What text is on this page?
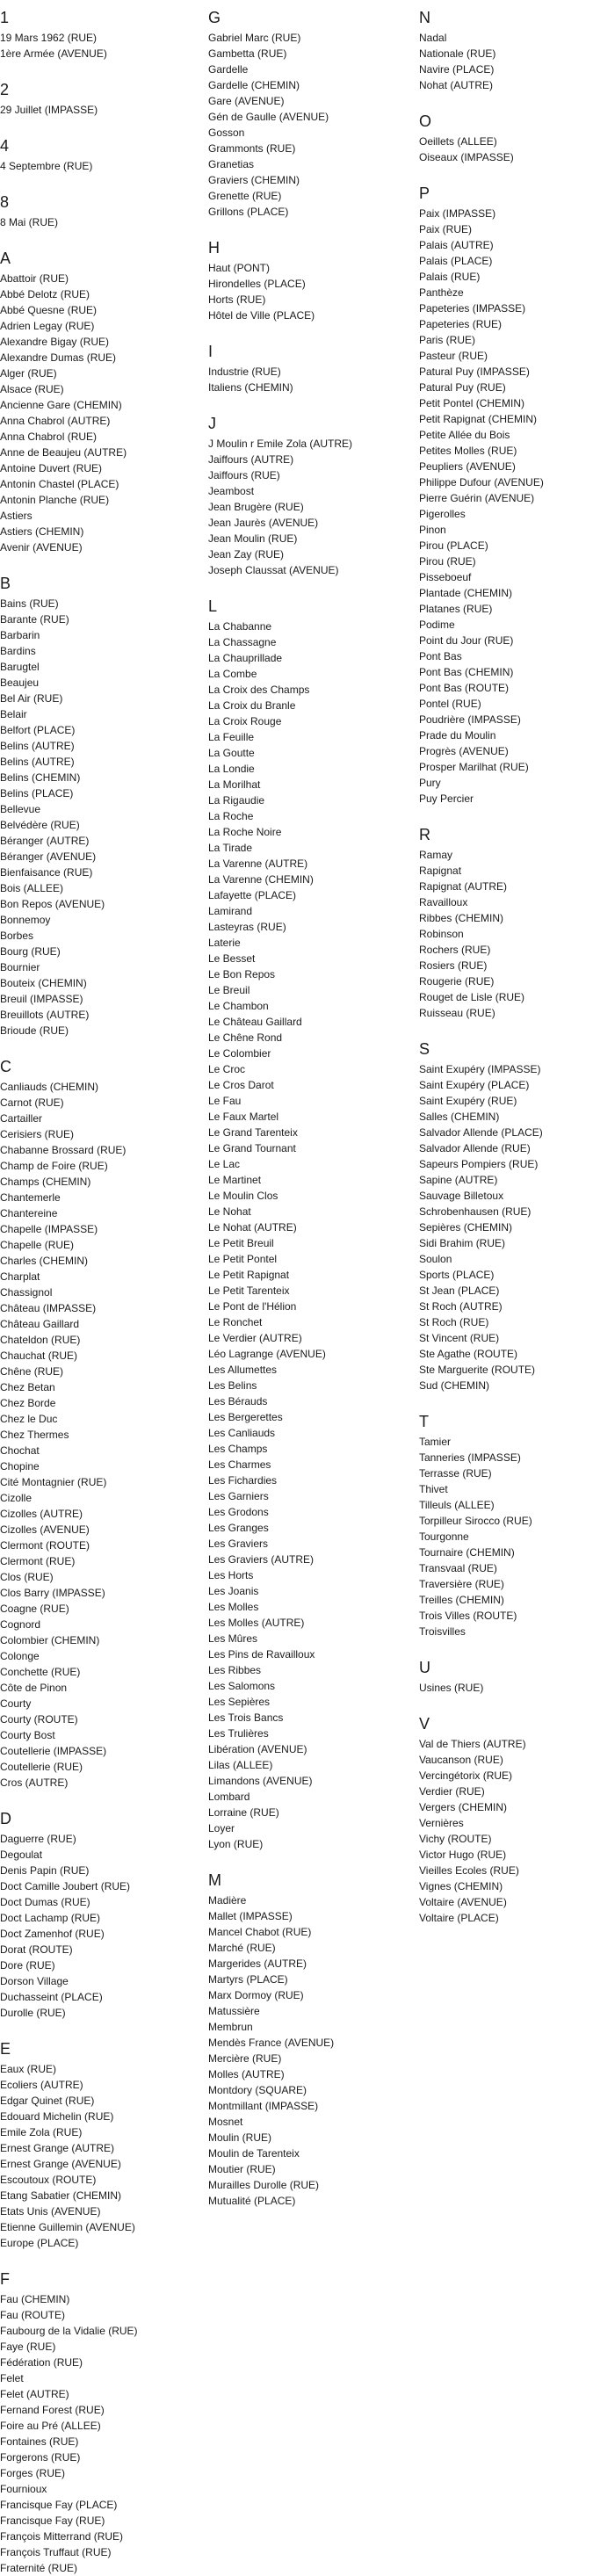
1
19 Mars 1962 (RUE)
1ère Armée (AVENUE)
2
29 Juillet (IMPASSE)
4
4 Septembre (RUE)
8
8 Mai (RUE)
A
Abattoir (RUE)
Abbé Delotz (RUE)
Abbé Quesne (RUE)
Adrien Legay (RUE)
Alexandre Bigay (RUE)
Alexandre Dumas (RUE)
Alger (RUE)
Alsace (RUE)
Ancienne Gare (CHEMIN)
Anna Chabrol (AUTRE)
Anna Chabrol (RUE)
Anne de Beaujeu (AUTRE)
Antoine Duvert (RUE)
Antonin Chastel (PLACE)
Antonin Planche (RUE)
Astiers
Astiers (CHEMIN)
Avenir (AVENUE)
B
Bains (RUE)
Barante (RUE)
Barbarin
Bardins
Barugtel
Beaujeu
Bel Air (RUE)
Belair
Belfort (PLACE)
Belins (AUTRE)
Belins (AUTRE)
Belins (CHEMIN)
Belins (PLACE)
Bellevue
Belvédère (RUE)
Béranger (AUTRE)
Béranger (AVENUE)
Bienfaisance (RUE)
Bois (ALLEE)
Bon Repos (AVENUE)
Bonnemoy
Borbes
Bourg (RUE)
Bournier
Bouteix (CHEMIN)
Breuil (IMPASSE)
Breuillots (AUTRE)
Brioude (RUE)
C
Canliauds (CHEMIN)
Carnot (RUE)
Cartailler
Cerisiers (RUE)
Chabanne Brossard (RUE)
Champ de Foire (RUE)
Champs (CHEMIN)
Chantemerle
Chantereine
Chapelle (IMPASSE)
Chapelle (RUE)
Charles (CHEMIN)
Charplat
Chassignol
Château (IMPASSE)
Château Gaillard
Chateldon (RUE)
Chauchat (RUE)
Chêne (RUE)
Chez Betan
Chez Borde
Chez le Duc
Chez Thermes
Chochat
Chopine
Cité Montagnier (RUE)
Cizolle
Cizolles (AUTRE)
Cizolles (AVENUE)
Clermont (ROUTE)
Clermont (RUE)
Clos (RUE)
Clos Barry (IMPASSE)
Coagne (RUE)
Cognord
Colombier (CHEMIN)
Colonge
Conchette (RUE)
Côte de Pinon
Courty
Courty (ROUTE)
Courty Bost
Coutellerie (IMPASSE)
Coutellerie (RUE)
Cros (AUTRE)
D
Daguerre (RUE)
Degoulat
Denis Papin (RUE)
Doct Camille Joubert (RUE)
Doct Dumas (RUE)
Doct Lachamp (RUE)
Doct Zamenhof (RUE)
Dorat (ROUTE)
Dore (RUE)
Dorson Village
Duchasseint (PLACE)
Durolle (RUE)
E
Eaux (RUE)
Ecoliers (AUTRE)
Edgar Quinet (RUE)
Edouard Michelin (RUE)
Emile Zola (RUE)
Ernest Grange (AUTRE)
Ernest Grange (AVENUE)
Escoutoux (ROUTE)
Etang Sabatier (CHEMIN)
Etats Unis (AVENUE)
Etienne Guillemin (AVENUE)
Europe (PLACE)
F
Fau (CHEMIN)
Fau (ROUTE)
Faubourg de la Vidalie (RUE)
Faye (RUE)
Fédération (RUE)
Felet
Felet (AUTRE)
Fernand Forest (RUE)
Foire au Pré (ALLEE)
Fontaines (RUE)
Forgerons (RUE)
Forges (RUE)
Fournioux
Francisque Fay (PLACE)
Francisque Fay (RUE)
François Mitterrand (RUE)
François Truffaut (RUE)
Fraternité (RUE)
G
Gabriel Marc (RUE)
Gambetta (RUE)
Gardelle
Gardelle (CHEMIN)
Gare (AVENUE)
Gén de Gaulle (AVENUE)
Gosson
Grammonts (RUE)
Granetias
Graviers (CHEMIN)
Grenette (RUE)
Grillons (PLACE)
H
Haut (PONT)
Hirondelles (PLACE)
Horts (RUE)
Hôtel de Ville (PLACE)
I
Industrie (RUE)
Italiens (CHEMIN)
J
J Moulin r Emile Zola (AUTRE)
Jaiffours (AUTRE)
Jaiffours (RUE)
Jeambost
Jean Brugère (RUE)
Jean Jaurès (AVENUE)
Jean Moulin (RUE)
Jean Zay (RUE)
Joseph Claussat (AVENUE)
L
La Chabanne
La Chassagne
La Chauprillade
La Combe
La Croix des Champs
La Croix du Branle
La Croix Rouge
La Feuille
La Goutte
La Londie
La Morilhat
La Rigaudie
La Roche
La Roche Noire
La Tirade
La Varenne (AUTRE)
La Varenne (CHEMIN)
Lafayette (PLACE)
Lamirand
Lasteyras (RUE)
Laterie
Le Besset
Le Bon Repos
Le Breuil
Le Chambon
Le Château Gaillard
Le Chêne Rond
Le Colombier
Le Croc
Le Cros Darot
Le Fau
Le Faux Martel
Le Grand Tarenteix
Le Grand Tournant
Le Lac
Le Martinet
Le Moulin Clos
Le Nohat
Le Nohat (AUTRE)
Le Petit Breuil
Le Petit Pontel
Le Petit Rapignat
Le Petit Tarenteix
Le Pont de l'Hélion
Le Ronchet
Le Verdier (AUTRE)
Léo Lagrange (AVENUE)
Les Allumettes
Les Belins
Les Bérauds
Les Bergerettes
Les Canliauds
Les Champs
Les Charmes
Les Fichardies
Les Garniers
Les Grodons
Les Granges
Les Graviers
Les Graviers (AUTRE)
Les Horts
Les Joanis
Les Molles
Les Molles (AUTRE)
Les Mûres
Les Pins de Ravailloux
Les Ribbes
Les Salomons
Les Sepières
Les Trois Bancs
Les Trulières
Libération (AVENUE)
Lilas (ALLEE)
Limandons (AVENUE)
Lombard
Lorraine (RUE)
Loyer
Lyon (RUE)
M
Madière
Mallet (IMPASSE)
Mancel Chabot (RUE)
Marché (RUE)
Margerides (AUTRE)
Martyrs (PLACE)
Marx Dormoy (RUE)
Matussière
Membrun
Mendès France (AVENUE)
Mercière (RUE)
Molles (AUTRE)
Montdory (SQUARE)
Montmillant (IMPASSE)
Mosnet
Moulin (RUE)
Moulin de Tarenteix
Moutier (RUE)
Murailles Durolle (RUE)
Mutualité (PLACE)
N
Nadal
Nationale (RUE)
Navire (PLACE)
Nohat (AUTRE)
O
Oeillets (ALLEE)
Oiseaux (IMPASSE)
P
Paix (IMPASSE)
Paix (RUE)
Palais (AUTRE)
Palais (PLACE)
Palais (RUE)
Panthèze
Papeteries (IMPASSE)
Papeteries (RUE)
Paris (RUE)
Pasteur (RUE)
Patural Puy (IMPASSE)
Patural Puy (RUE)
Petit Pontel (CHEMIN)
Petit Rapignat (CHEMIN)
Petite Allée du Bois
Petites Molles (RUE)
Peupliers (AVENUE)
Philippe Dufour (AVENUE)
Pierre Guérin (AVENUE)
Pigerolles
Pinon
Pirou (PLACE)
Pirou (RUE)
Pisseboeuf
Plantade (CHEMIN)
Platanes (RUE)
Podime
Point du Jour (RUE)
Pont Bas
Pont Bas (CHEMIN)
Pont Bas (ROUTE)
Pontel (RUE)
Poudrière (IMPASSE)
Prade du Moulin
Progrès (AVENUE)
Prosper Marilhat (RUE)
Pury
Puy Percier
R
Ramay
Rapignat
Rapignat (AUTRE)
Ravailloux
Ribbes (CHEMIN)
Robinson
Rochers (RUE)
Rosiers (RUE)
Rougerie (RUE)
Rouget de Lisle (RUE)
Ruisseau (RUE)
S
Saint Exupéry (IMPASSE)
Saint Exupéry (PLACE)
Saint Exupéry (RUE)
Salles (CHEMIN)
Salvador Allende (PLACE)
Salvador Allende (RUE)
Sapeurs Pompiers (RUE)
Sapine (AUTRE)
Sauvage Billetoux
Schrobenhausen (RUE)
Sepières (CHEMIN)
Sidi Brahim (RUE)
Soulon
Sports (PLACE)
St Jean (PLACE)
St Roch (AUTRE)
St Roch (RUE)
St Vincent (RUE)
Ste Agathe (ROUTE)
Ste Marguerite (ROUTE)
Sud (CHEMIN)
T
Tamier
Tanneries (IMPASSE)
Terrasse (RUE)
Thivet
Tilleuls (ALLEE)
Torpilleur Sirocco (RUE)
Tourgonne
Tournaire (CHEMIN)
Transvaal (RUE)
Traversière (RUE)
Treilles (CHEMIN)
Trois Villes (ROUTE)
Troisvilles
U
Usines (RUE)
V
Val de Thiers (AUTRE)
Vaucanson (RUE)
Vercingétorix (RUE)
Verdier (RUE)
Vergers (CHEMIN)
Vernières
Vichy (ROUTE)
Victor Hugo (RUE)
Vieilles Ecoles (RUE)
Vignes (CHEMIN)
Voltaire (AVENUE)
Voltaire (PLACE)
